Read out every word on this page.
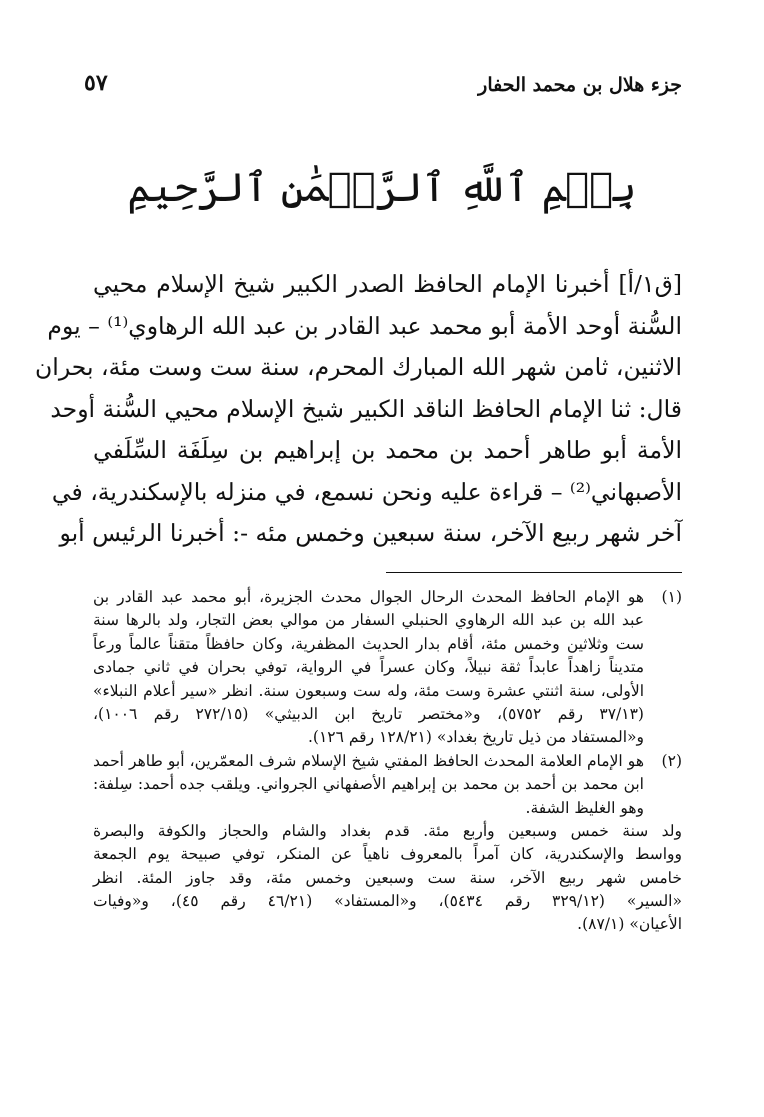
جزء هلال بن محمد الحفار
٥٧
بِسۡمِ ٱللَّهِ ٱلرَّحۡمَٰنِ ٱلرَّحِيمِ
[ق١/أ] أخبرنا الإمام الحافظ الصدر الكبير شيخ الإسلام محيي
السُّنة أوحد الأمة أبو محمد عبد القادر بن عبد الله الرهاوي⁽¹⁾ – يوم
الاثنين، ثامن شهر الله المبارك المحرم، سنة ست وست مئة، بحران
قال: ثنا الإمام الحافظ الناقد الكبير شيخ الإسلام محيي السُّنة أوحد
الأمة أبو طاهر أحمد بن محمد بن إبراهيم بن سِلَفَة السِّلَفي
الأصبهاني⁽²⁾ – قراءة عليه ونحن نسمع، في منزله بالإسكندرية، في
آخر شهر ربيع الآخر، سنة سبعين وخمس مئه -: أخبرنا الرئيس أبو
(١)
هو الإمام الحافظ المحدث الرحال الجوال محدث الجزيرة، أبو محمد عبد القادر بن
عبد الله بن عبد الله الرهاوي الحنبلي السفار من موالي بعض التجار، ولد بالرها سنة
ست وثلاثين وخمس مئة، أقام بدار الحديث المظفرية، وكان حافظاً متقناً عالماً ورعاً
متديناً زاهداً عابداً ثقة نبيلاً، وكان عسراً في الرواية، توفي بحران في ثاني جمادى
الأولى، سنة اثنتي عشرة وست مئة، وله ست وسبعون سنة. انظر «سير أعلام النبلاء»
(٣٧/١٣ رقم ٥٧٥٢)، و«مختصر تاريخ ابن الدبيثي» (٢٧٢/١٥ رقم ١٠٠٦)،
و«المستفاد من ذيل تاريخ بغداد» (١٢٨/٢١ رقم ١٢٦).
(٢)
هو الإمام العلامة المحدث الحافظ المفتي شيخ الإسلام شرف المعمّرين، أبو طاهر أحمد
ابن محمد بن أحمد بن محمد بن إبراهيم الأصفهاني الجرواني. ويلقب جده أحمد: سِلفة:
وهو الغليظ الشفة.
ولد سنة خمس وسبعين وأربع مئة. قدم بغداد والشام والحجاز والكوفة والبصرة
وواسط والإسكندرية، كان آمراً بالمعروف ناهياً عن المنكر، توفي صبيحة يوم الجمعة
خامس شهر ربيع الآخر، سنة ست وسبعين وخمس مئة، وقد جاوز المئة. انظر
«السير» (٣٢٩/١٢ رقم ٥٤٣٤)، و«المستفاد» (٤٦/٢١ رقم ٤٥)، و«وفيات
الأعيان» (٨٧/١).
